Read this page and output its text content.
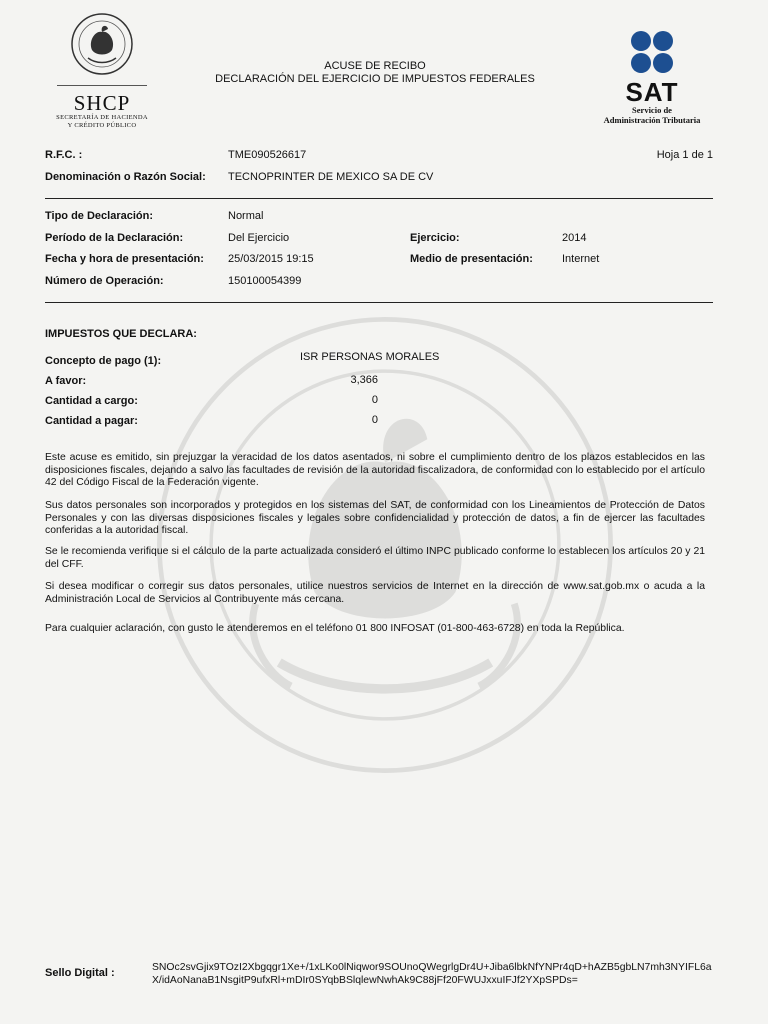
SHCP
SECRETARÍA DE HACIENDA
Y CRÉDITO PÚBLICO
ACUSE DE RECIBO
DECLARACIÓN DEL EJERCICIO DE IMPUESTOS FEDERALES	SAT
Servicio de
Administración Tributaria
R.F.C. :	TME090526617	Hoja 1 de 1
Denominación o Razón Social: TECNOPRINTER DE MEXICO SA DE CV
Tipo de Declaración:	Normal
Período de la Declaración:	Del Ejercicio	Ejercicio:	2014
Fecha y hora de presentación: 25/03/2015 19:15	Medio de presentación:	Internet
Número de Operación:	150100054399
IMPUESTOS QUE DECLARA:
Concepto de pago (1):	ISR PERSONAS MORALES
A favor:	3,366
Cantidad a cargo:	0
Cantidad a pagar:	0
Este acuse es emitido, sin prejuzgar la veracidad de los datos asentados, ni sobre el cumplimiento dentro de los plazos establecidos en las disposiciones fiscales, dejando a salvo las facultades de revisión de la autoridad fiscalizadora, de conformidad con lo establecido por el artículo 42 del Código Fiscal de la Federación vigente.
Sus datos personales son incorporados y protegidos en los sistemas del SAT, de conformidad con los Lineamientos de Protección de Datos Personales y con las diversas disposiciones fiscales y legales sobre confidencialidad y protección de datos, a fin de ejercer las facultades conferidas a la autoridad fiscal.
Se le recomienda verifique si el cálculo de la parte actualizada consideró el último INPC publicado conforme lo establecen los artículos 20 y 21 del CFF.
Si desea modificar o corregir sus datos personales, utilice nuestros servicios de Internet en la dirección de www.sat.gob.mx o acuda a la Administración Local de Servicios al Contribuyente más cercana.
Para cualquier aclaración, con gusto le atenderemos en el teléfono 01 800 INFOSAT (01-800-463-6728) en toda la República.
Sello Digital :	SNOc2svGjix9TOzI2Xbgqgr1Xe+/1xLKo0lNiqwor9SOUnoQWegrlgDr4U+Jiba6lbkNfYNPr4qD+hAZB5gbLN7mh3NYIFL6aX/idAoNanaB1NsgitP9ufxRl+mDIr0SYqbBSlqlewNwhAk9C88jFf20FWUJxxuIFJf2YXpSPDs=
